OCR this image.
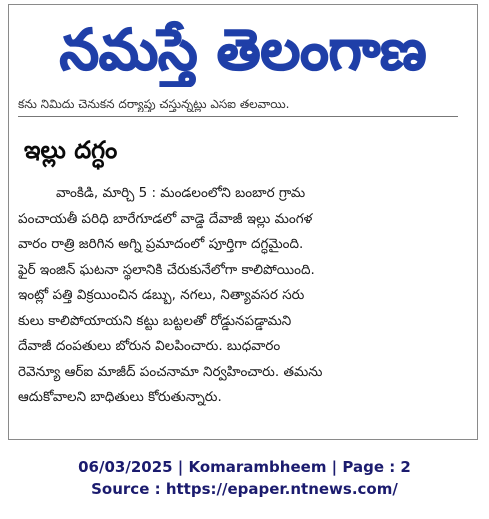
నమస్తే తెలంగాణ
కను నిమిదు చెనుకన దర్యాప్తు చస్తున్నట్లు ఎసఐ తలవాయి.
ఇల్లు దగ్ధం
వాంకిడి, మార్చి 5 : మండలంలోని బంబార గ్రామ
పంచాయతీ పరిధి బారేగూడలో వాడ్డె దేవాజీ ఇల్లు మంగళ
వారం రాత్రి జరిగిన అగ్ని ప్రమాదంలో పూర్తిగా దగ్ధమైంది.
ఫైర్ ఇంజిన్ ఘటనా స్థలానికి చేరుకునేలోగా కాలిపోయింది.
ఇంట్లో పత్తి విక్రయించిన డబ్బు, నగలు, నిత్యావసర సరు
కులు కాలిపోయాయని కట్టు బట్టలతో రోడ్డునపడ్డామని
దేవాజీ దంపతులు బోరున విలపించారు. బుధవారం
రెవెన్యూ ఆర్ఐ మాజీద్ పంచనామా నిర్వహించారు. తమను
ఆదుకోవాలని బాధితులు కోరుతున్నారు.
06/03/2025 | Komarambheem | Page : 2
Source : https://epaper.ntnews.com/
